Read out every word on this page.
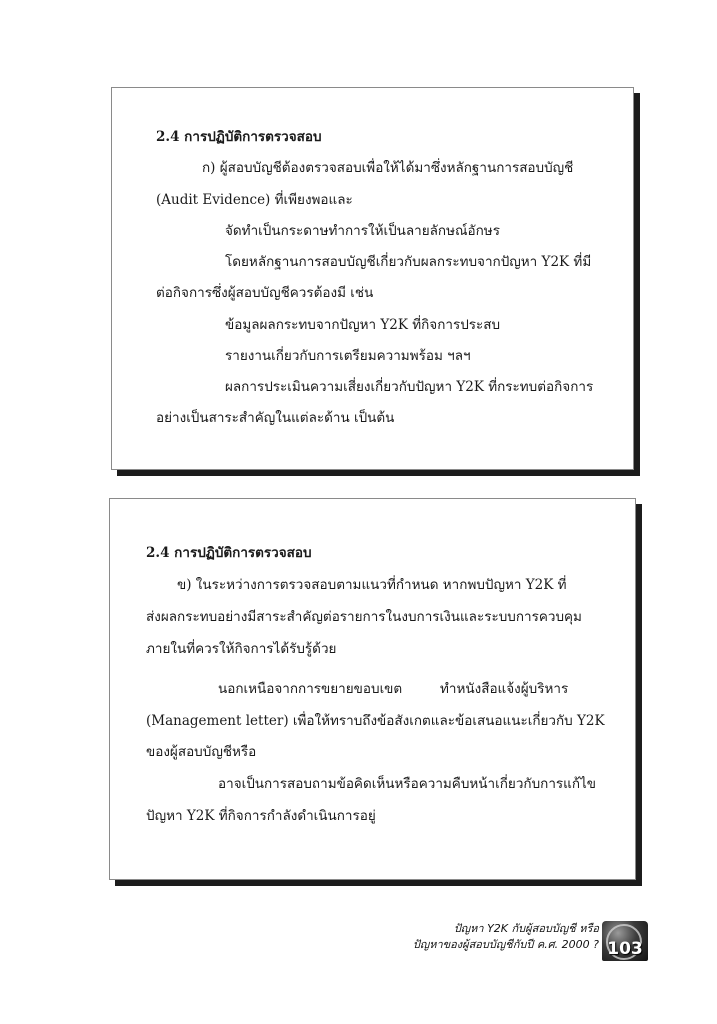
2.4 การปฏิบัติการตรวจสอบ
ก) ผู้สอบบัญชีต้องตรวจสอบเพื่อให้ได้มาซึ่งหลักฐานการสอบบัญชี
(Audit Evidence) ที่เพียงพอและ
จัดทำเป็นกระดาษทำการให้เป็นลายลักษณ์อักษร
โดยหลักฐานการสอบบัญชีเกี่ยวกับผลกระทบจากปัญหา Y2K ที่มี
ต่อกิจการซึ่งผู้สอบบัญชีควรต้องมี เช่น
ข้อมูลผลกระทบจากปัญหา Y2K ที่กิจการประสบ
รายงานเกี่ยวกับการเตรียมความพร้อม ฯลฯ
ผลการประเมินความเสี่ยงเกี่ยวกับปัญหา Y2K ที่กระทบต่อกิจการ
อย่างเป็นสาระสำคัญในแต่ละด้าน เป็นต้น
2.4 การปฏิบัติการตรวจสอบ
ข) ในระหว่างการตรวจสอบตามแนวที่กำหนด หากพบปัญหา Y2K ที่
ส่งผลกระทบอย่างมีสาระสำคัญต่อรายการในงบการเงินและระบบการควบคุม
ภายในที่ควรให้กิจการได้รับรู้ด้วย
นอกเหนือจากการขยายขอบเขต	ทำหนังสือแจ้งผู้บริหาร
(Management letter) เพื่อให้ทราบถึงข้อสังเกตและข้อเสนอแนะเกี่ยวกับ Y2K
ของผู้สอบบัญชีหรือ
อาจเป็นการสอบถามข้อคิดเห็นหรือความคืบหน้าเกี่ยวกับการแก้ไข
ปัญหา Y2K ที่กิจการกำลังดำเนินการอยู่
ปัญหา Y2K กับผู้สอบบัญชี หรือ
ปัญหาของผู้สอบบัญชีกับปี ค.ศ. 2000 ? 103
